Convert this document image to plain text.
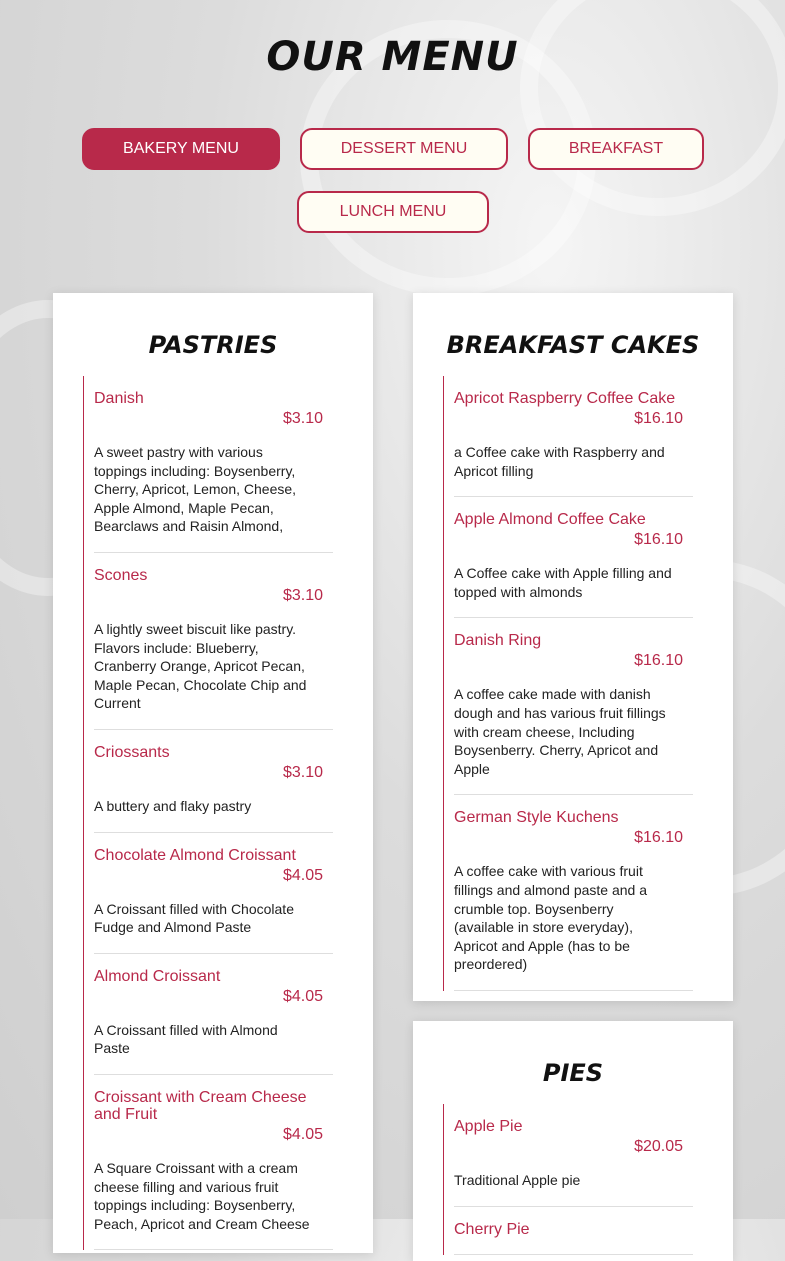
OUR MENU
BAKERY MENU	DESSERT MENU	BREAKFAST
LUNCH MENU
PASTRIES
Danish
$3.10
A sweet pastry with various toppings including: Boysenberry, Cherry, Apricot, Lemon, Cheese, Apple Almond, Maple Pecan, Bearclaws and Raisin Almond,
Scones
$3.10
A lightly sweet biscuit like pastry. Flavors include: Blueberry, Cranberry Orange, Apricot Pecan, Maple Pecan, Chocolate Chip and Current
Criossants
$3.10
A buttery and flaky pastry
Chocolate Almond Croissant
$4.05
A Croissant filled with Chocolate Fudge and Almond Paste
Almond Croissant
$4.05
A Croissant filled with Almond Paste
Croissant with Cream Cheese and Fruit
$4.05
A Square Croissant with a cream cheese filling and various fruit toppings including: Boysenberry, Peach, Apricot and Cream Cheese
BREAKFAST CAKES
Apricot Raspberry Coffee Cake
$16.10
a Coffee cake with Raspberry and Apricot filling
Apple Almond Coffee Cake
$16.10
A Coffee cake with Apple filling and topped with almonds
Danish Ring
$16.10
A coffee cake made with danish dough and has various fruit fillings with cream cheese, Including Boysenberry. Cherry, Apricot and Apple
German Style Kuchens
$16.10
A coffee cake with various fruit fillings and almond paste and a crumble top. Boysenberry (available in store everyday), Apricot and Apple (has to be preordered)
PIES
Apple Pie
$20.05
Traditional Apple pie
Cherry Pie
